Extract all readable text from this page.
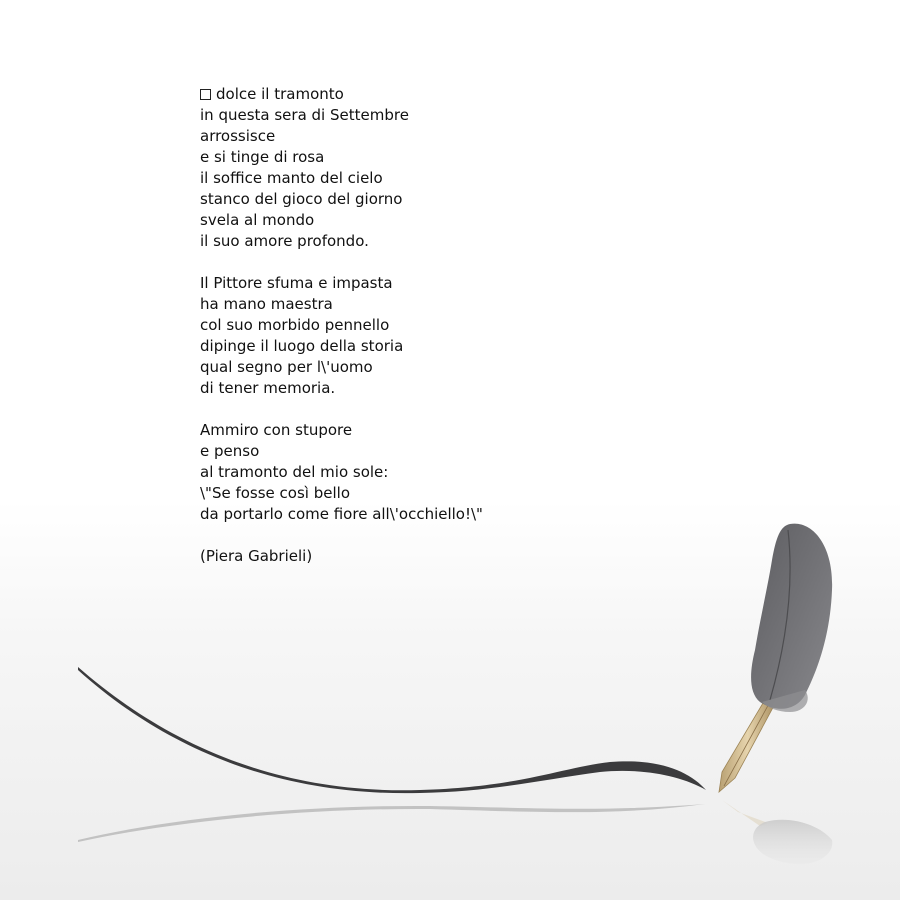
dolce il tramonto
in questa sera di Settembre
arrossisce
e si tinge di rosa
il soffice manto del cielo
stanco del gioco del giorno
svela al mondo
il suo amore profondo.
Il Pittore sfuma e impasta
ha mano maestra
col suo morbido pennello
dipinge il luogo della storia
qual segno per l\'uomo
di tener memoria.
Ammiro con stupore
e penso
al tramonto del mio sole:
\"Se fosse così bello
da portarlo come fiore all\'occhiello!\"
(Piera Gabrieli)
